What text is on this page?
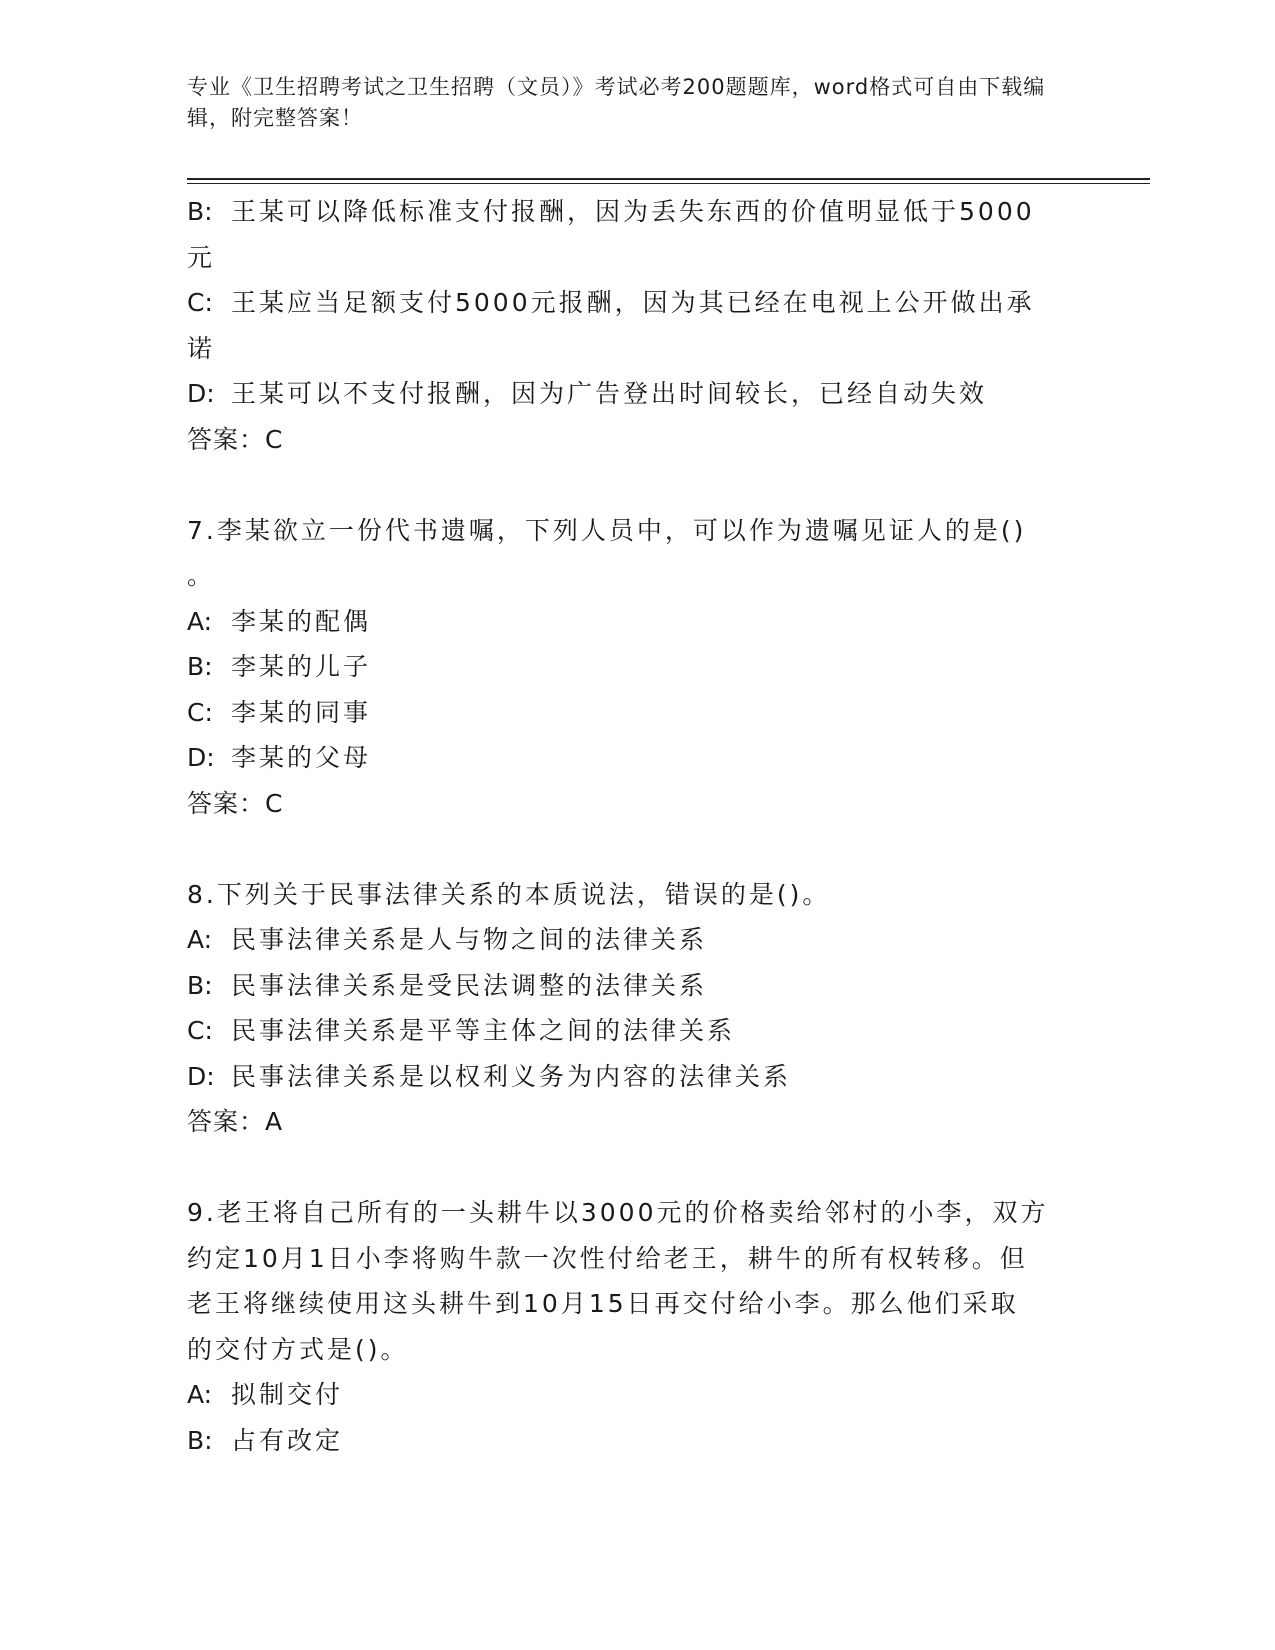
专业《卫生招聘考试之卫生招聘（文员）》考试必考200题题库，word格式可自由下载编辑，附完整答案！
B: 王某可以降低标准支付报酬，因为丢失东西的价值明显低于5000
元
C: 王某应当足额支付5000元报酬，因为其已经在电视上公开做出承
诺
D: 王某可以不支付报酬，因为广告登出时间较长，已经自动失效
答案：C
7.李某欲立一份代书遗嘱，下列人员中，可以作为遗嘱见证人的是()
。
A: 李某的配偶
B: 李某的儿子
C: 李某的同事
D: 李某的父母
答案：C
8.下列关于民事法律关系的本质说法，错误的是()。
A: 民事法律关系是人与物之间的法律关系
B: 民事法律关系是受民法调整的法律关系
C: 民事法律关系是平等主体之间的法律关系
D: 民事法律关系是以权利义务为内容的法律关系
答案：A
9.老王将自己所有的一头耕牛以3000元的价格卖给邻村的小李，双方
约定10月1日小李将购牛款一次性付给老王，耕牛的所有权转移。但
老王将继续使用这头耕牛到10月15日再交付给小李。那么他们采取
的交付方式是()。
A: 拟制交付
B: 占有改定
